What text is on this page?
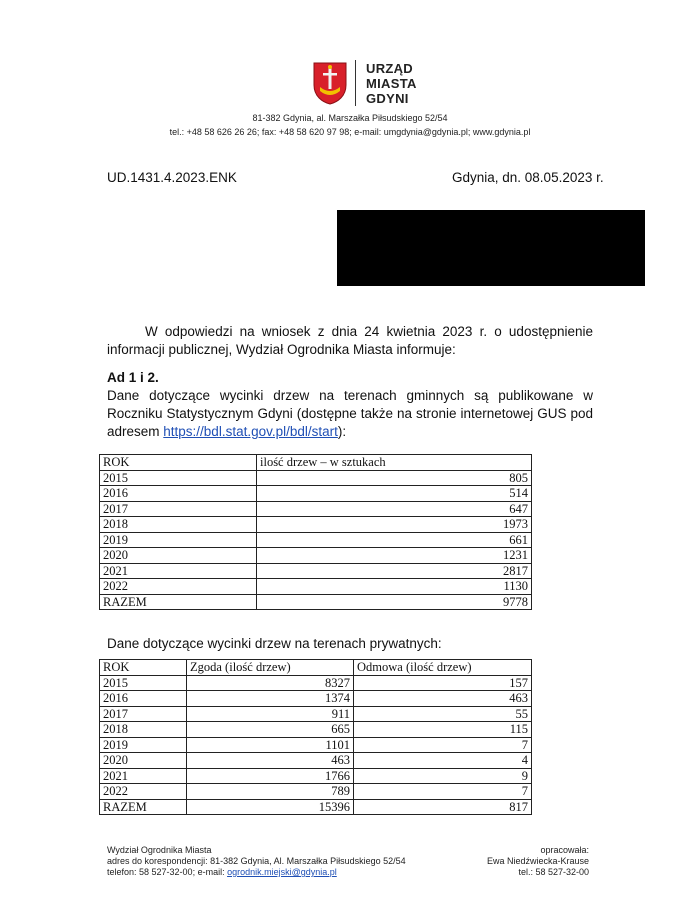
URZĄD
MIASTA
GDYNI
81-382 Gdynia, al. Marszałka Piłsudskiego 52/54
tel.: +48 58 626 26 26; fax: +48 58 620 97 98; e-mail: umgdynia@gdynia.pl; www.gdynia.pl
UD.1431.4.2023.ENK	Gdynia, dn. 08.05.2023 r.
W odpowiedzi na wniosek z dnia 24 kwietnia 2023 r. o udostępnienie informacji publicznej, Wydział Ogrodnika Miasta informuje:
Ad 1 i 2.
Dane dotyczące wycinki drzew na terenach gminnych są publikowane w Roczniku Statystycznym Gdyni (dostępne także na stronie internetowej GUS pod adresem https://bdl.stat.gov.pl/bdl/start):
ROK	ilość drzew – w sztukach
2015	805
2016	514
2017	647
2018	1973
2019	661
2020	1231
2021	2817
2022	1130
RAZEM	9778
Dane dotyczące wycinki drzew na terenach prywatnych:
ROK	Zgoda (ilość drzew)	Odmowa (ilość drzew)
2015	8327	157
2016	1374	463
2017	911	55
2018	665	115
2019	1101	7
2020	463	4
2021	1766	9
2022	789	7
RAZEM	15396	817
Wydział Ogrodnika Miasta
adres do korespondencji: 81-382 Gdynia, Al. Marszałka Piłsudskiego 52/54
telefon: 58 527-32-00; e-mail: ogrodnik.miejski@gdynia.pl
opracowała:
Ewa Niedźwiecka-Krause
tel.: 58 527-32-00
